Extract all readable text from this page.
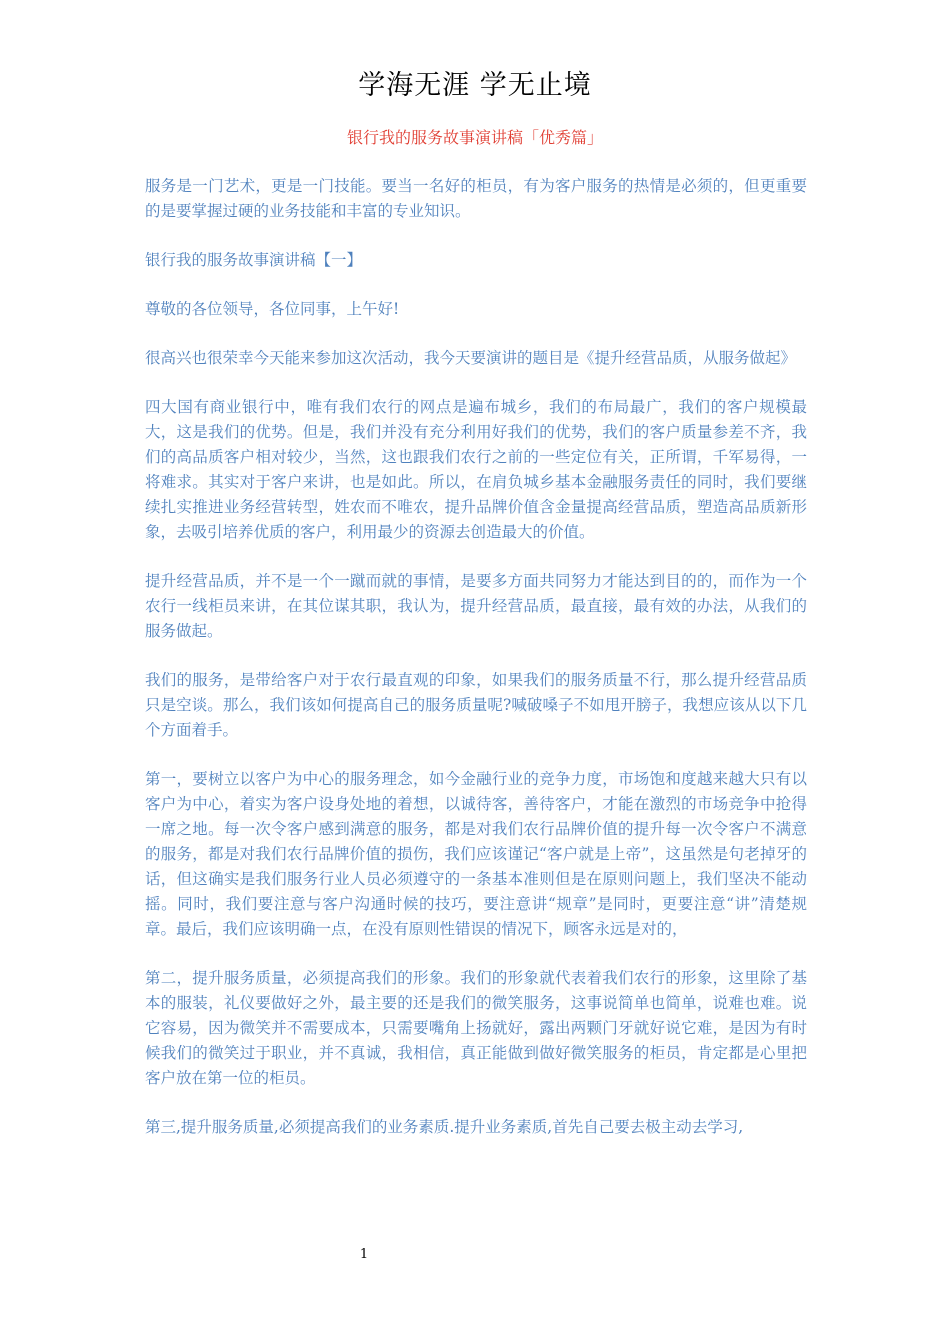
学海无涯 学无止境
银行我的服务故事演讲稿「优秀篇」

服务是一门艺术，更是一门技能。要当一名好的柜员，有为客户服务的热情是必须的，但更重要的是要掌握过硬的业务技能和丰富的专业知识。

银行我的服务故事演讲稿【一】

尊敬的各位领导，各位同事，上午好!

很高兴也很荣幸今天能来参加这次活动，我今天要演讲的题目是《提升经营品质，从服务做起》

四大国有商业银行中，唯有我们农行的网点是遍布城乡，我们的布局最广，我们的客户规模最大，这是我们的优势。但是，我们并没有充分利用好我们的优势，我们的客户质量参差不齐，我们的高品质客户相对较少，当然，这也跟我们农行之前的一些定位有关，正所谓，千军易得，一将难求。其实对于客户来讲，也是如此。所以，在肩负城乡基本金融服务责任的同时，我们要继续扎实推进业务经营转型，姓农而不唯农，提升品牌价值含金量提高经营品质，塑造高品质新形象，去吸引培养优质的客户，利用最少的资源去创造最大的价值。

提升经营品质，并不是一个一蹴而就的事情，是要多方面共同努力才能达到目的的，而作为一个农行一线柜员来讲，在其位谋其职，我认为，提升经营品质，最直接，最有效的办法，从我们的服务做起。

我们的服务，是带给客户对于农行最直观的印象，如果我们的服务质量不行，那么提升经营品质只是空谈。那么，我们该如何提高自己的服务质量呢?喊破嗓子不如甩开膀子，我想应该从以下几个方面着手。

第一，要树立以客户为中心的服务理念，如今金融行业的竞争力度，市场饱和度越来越大只有以客户为中心，着实为客户设身处地的着想，以诚待客，善待客户，才能在激烈的市场竞争中抢得一席之地。每一次令客户感到满意的服务，都是对我们农行品牌价值的提升每一次令客户不满意的服务，都是对我们农行品牌价值的损伤，我们应该谨记“客户就是上帝”，这虽然是句老掉牙的话，但这确实是我们服务行业人员必须遵守的一条基本准则但是在原则问题上，我们坚决不能动摇。同时，我们要注意与客户沟通时候的技巧，要注意讲“规章”是同时，更要注意“讲”清楚规章。最后，我们应该明确一点，在没有原则性错误的情况下，顾客永远是对的，

第二，提升服务质量，必须提高我们的形象。我们的形象就代表着我们农行的形象，这里除了基本的服装，礼仪要做好之外，最主要的还是我们的微笑服务，这事说简单也简单，说难也难。说它容易，因为微笑并不需要成本，只需要嘴角上扬就好，露出两颗门牙就好说它难，是因为有时候我们的微笑过于职业，并不真诚，我相信，真正能做到做好微笑服务的柜员，肯定都是心里把客户放在第一位的柜员。

第三,提升服务质量,必须提高我们的业务素质.提升业务素质,首先自己要去极主动去学习,

1
